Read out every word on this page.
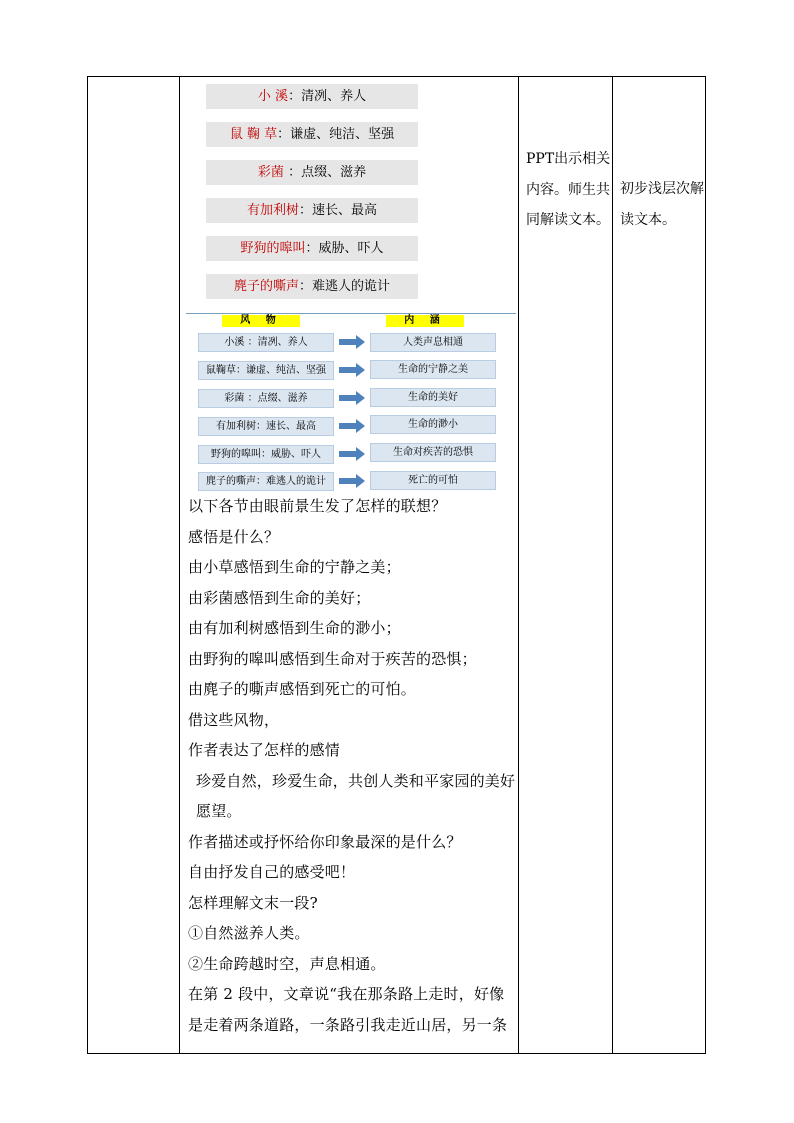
小 溪：清冽、养人
鼠 鞠 草：谦虚、纯洁、坚强
彩菌 ：点缀、滋养
有加利树：速长、最高
野狗的嗥叫：威胁、吓人
麂子的嘶声：难逃人的诡计
风 物	内 涵
小溪 ：清冽、养人	人类声息相通
鼠鞠草：谦虚、纯洁、坚强	生命的宁静之美
彩菌 ：点缀、滋养	生命的美好
有加利树：速长、最高	生命的渺小
野狗的嗥叫：威胁、吓人	生命对疾苦的恐惧
麂子的嘶声：难逃人的诡计	死亡的可怕

以下各节由眼前景生发了怎样的联想？

感悟是什么？

由小草感悟到生命的宁静之美；

由彩菌感悟到生命的美好；

由有加利树感悟到生命的渺小；

由野狗的嗥叫感悟到生命对于疾苦的恐惧；

由麂子的嘶声感悟到死亡的可怕。

借这些风物，

作者表达了怎样的感情

珍爱自然，珍爱生命，共创人类和平家园的美好愿望。

作者描述或抒怀给你印象最深的是什么？

自由抒发自己的感受吧！

怎样理解文末一段?

①自然滋养人类。

②生命跨越时空，声息相通。

在第 2 段中，文章说“我在那条路上走时，好像是走着两条道路，一条路引我走近山居，另一条

PPT出示相关内容。师生共同解读文本。
初步浅层次解读文本。
